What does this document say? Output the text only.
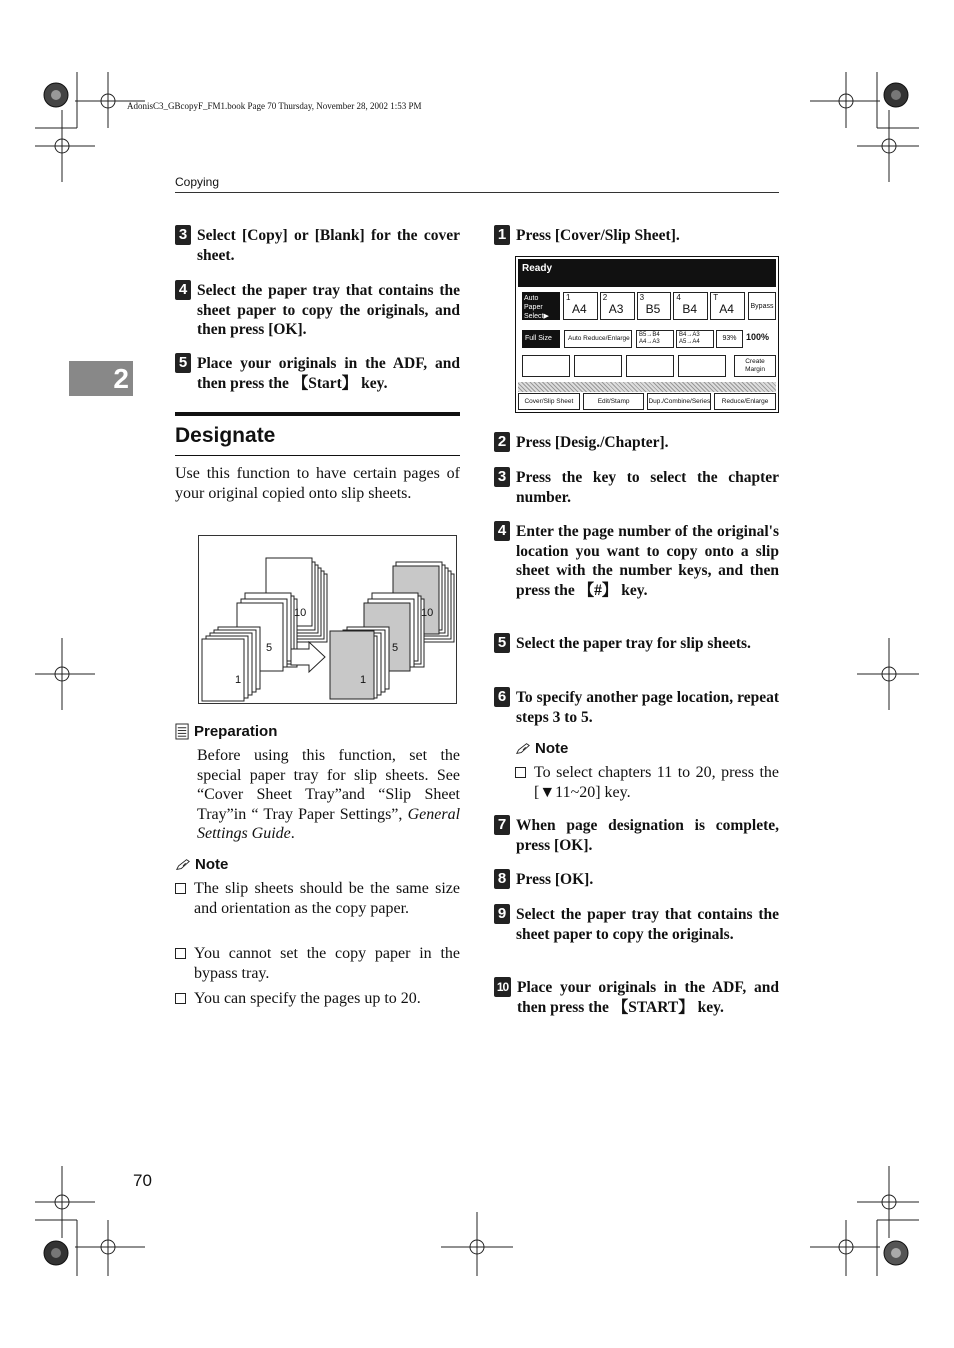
AdonisC3_GBcopyF_FM1.book Page 70 Thursday, November 28, 2002 1:53 PM
Copying
2
3 Select [Copy] or [Blank] for the cover sheet.
4 Select the paper tray that contains the sheet paper to copy the originals, and then press [OK].
5 Place your originals in the ADF, and then press the 【Start】 key.
Designate
Use this function to have certain pages of your original copied onto slip sheets.
10
5
1
10
5
1
Preparation
Before using this function, set the special paper tray for slip sheets. See “Cover Sheet Tray”and “Slip Sheet Tray”in “ Tray Paper Settings”, General Settings Guide.
Note
The slip sheets should be the same size and orientation as the copy paper.
You cannot set the copy paper in the bypass tray.
You can specify the pages up to 20.
1 Press [Cover/Slip Sheet].
Ready
Auto Paper Select▶
1
A4
2
A3
3
B5
4
B4
T
A4	Bypass
Full Size	Auto Reduce/Enlarge	B5→B4 A4→A3
B4→A3 A5→A4	93%	100%
Create Margin
Cover/Slip Sheet	Edit/Stamp	Dup./Combine/Series	Reduce/Enlarge
2 Press [Desig./Chapter].
3 Press the key to select the chapter number.
4 Enter the page number of the original's location you want to copy onto a slip sheet with the number keys, and then press the 【#】 key.
5 Select the paper tray for slip sheets.
6 To specify another page location, repeat steps 3 to 5.
Note
To select chapters 11 to 20, press the [▼11~20] key.
7 When page designation is complete, press [OK].
8 Press [OK].
9 Select the paper tray that contains the sheet paper to copy the originals.
10 Place your originals in the ADF, and then press the 【START】 key.
70
